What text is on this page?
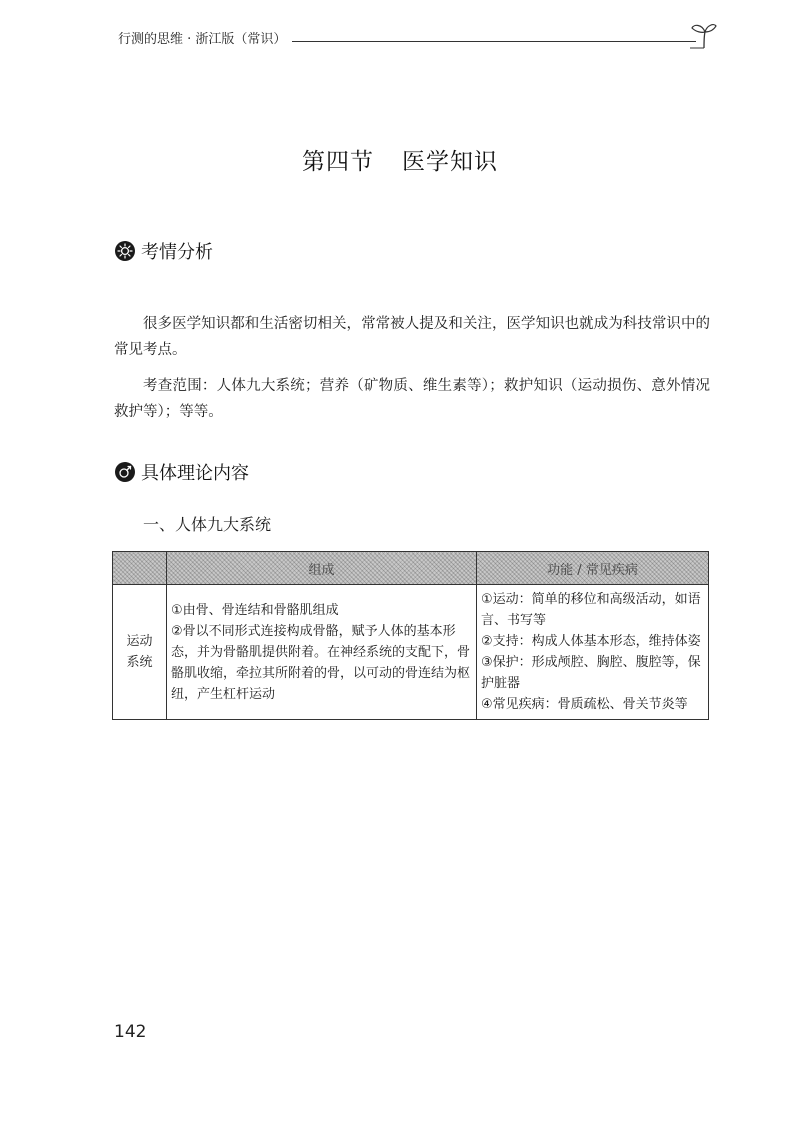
行测的思维 · 浙江版（常识）
第四节 医学知识
考情分析

很多医学知识都和生活密切相关，常常被人提及和关注，医学知识也就成为科技常识中的常见考点。

考查范围：人体九大系统；营养（矿物质、维生素等）；救护知识（运动损伤、意外情况救护等）；等等。

具体理论内容
一、人体九大系统
	组成	功能 / 常见疾病

运动
系统	①由骨、骨连结和骨骼肌组成
②骨以不同形式连接构成骨骼，赋予人体的基本形态，并为骨骼肌提供附着。在神经系统的支配下，骨骼肌收缩，牵拉其所附着的骨，以可动的骨连结为枢纽，产生杠杆运动	①运动：简单的移位和高级活动，如语言、书写等
②支持：构成人体基本形态，维持体姿
③保护：形成颅腔、胸腔、腹腔等，保护脏器
④常见疾病：骨质疏松、骨关节炎等
142
